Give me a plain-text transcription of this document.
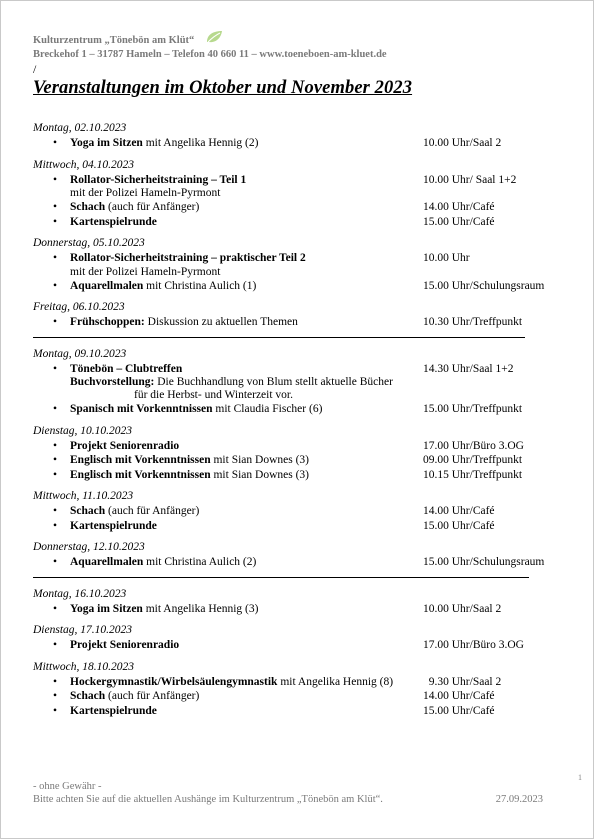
Kulturzentrum „Tönebön am Klüt“
Breckehof 1 – 31787 Hameln – Telefon 40 660 11 – www.toeneboen-am-kluet.de
/
Veranstaltungen im Oktober und November 2023
Montag, 02.10.2023
• Yoga im Sitzen mit Angelika Hennig (2)	10.00 Uhr/Saal 2
Mittwoch, 04.10.2023
• Rollator-Sicherheitstraining – Teil 1	10.00 Uhr/ Saal 1+2
mit der Polizei Hameln-Pyrmont
• Schach (auch für Anfänger)	14.00 Uhr/Café
• Kartenspielrunde	15.00 Uhr/Café
Donnerstag, 05.10.2023
• Rollator-Sicherheitstraining – praktischer Teil 2	10.00 Uhr
mit der Polizei Hameln-Pyrmont
• Aquarellmalen mit Christina Aulich (1)	15.00 Uhr/Schulungsraum
Freitag, 06.10.2023
• Frühschoppen: Diskussion zu aktuellen Themen	10.30 Uhr/Treffpunkt
Montag, 09.10.2023
• Tönebön – Clubtreffen	14.30 Uhr/Saal 1+2
Buchvorstellung: Die Buchhandlung von Blum stellt aktuelle Bücher
für die Herbst- und Winterzeit vor.
• Spanisch mit Vorkenntnissen mit Claudia Fischer (6)	15.00 Uhr/Treffpunkt
Dienstag, 10.10.2023
• Projekt Seniorenradio	17.00 Uhr/Büro 3.OG
• Englisch mit Vorkenntnissen mit Sian Downes (3)	09.00 Uhr/Treffpunkt
• Englisch mit Vorkenntnissen mit Sian Downes (3)	10.15 Uhr/Treffpunkt
Mittwoch, 11.10.2023
• Schach (auch für Anfänger)	14.00 Uhr/Café
• Kartenspielrunde	15.00 Uhr/Café
Donnerstag, 12.10.2023
• Aquarellmalen mit Christina Aulich (2)	15.00 Uhr/Schulungsraum
Montag, 16.10.2023
• Yoga im Sitzen mit Angelika Hennig (3)	10.00 Uhr/Saal 2
Dienstag, 17.10.2023
• Projekt Seniorenradio	17.00 Uhr/Büro 3.OG
Mittwoch, 18.10.2023
• Hockergymnastik/Wirbelsäulengymnastik mit Angelika Hennig (8)	9.30 Uhr/Saal 2
• Schach (auch für Anfänger)	14.00 Uhr/Café
• Kartenspielrunde	15.00 Uhr/Café
- ohne Gewähr -
Bitte achten Sie auf die aktuellen Aushänge im Kulturzentrum „Tönebön am Klüt“.	27.09.2023
1
